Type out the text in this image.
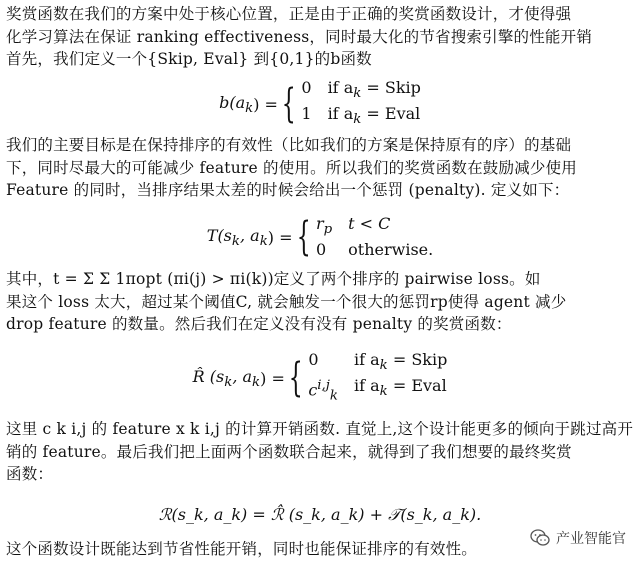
奖赏函数在我们的方案中处于核心位置，正是由于正确的奖赏函数设计，才使得强
化学习算法在保证 ranking effectiveness，同时最大化的节省搜索引擎的性能开销
首先，我们定义一个{Skip, Eval} 到{0,1}的b函数
$b(a_k$ ) = { 0 if $a_k$ = Skip
1 if $a_k$ = Eval
我们的主要目标是在保持排序的有效性（比如我们的方案是保持原有的序）的基础
下，同时尽最大的可能减少 feature 的使用。所以我们的奖赏函数在鼓励减少使用
Feature 的同时，当排序结果太差的时候会给出一个惩罚 (penalty). 定义如下：
$T(s_k$, $a_k$ ) = { $r_p$ t < C
0	otherwise.
其中，t = Σ Σ 1πopt (πi(j) > πi(k))定义了两个排序的 pairwise loss。如
果这个 loss 太大，超过某个阈值C, 就会触发一个很大的惩罚rp使得 agent 减少
drop feature 的数量。然后我们在定义没有没有 penalty 的奖赏函数：
R̂ ($s_k$, $a_k$ ) = { 0	if $a_k$ = Skip
$c^{i,j}_k$
if $a_k$ = Eval
这里 c k i,j 的 feature x k i,j 的计算开销函数. 直觉上,这个设计能更多的倾向于跳过高开
销的 feature。最后我们把上面两个函数联合起来，就得到了我们想要的最终奖赏
函数：
ℛ(s_k, a_k) = ℛ̂ (s_k, a_k) + 𝒯(s_k, a_k).
这个函数设计既能达到节省性能开销，同时也能保证排序的有效性。
产业智能官
